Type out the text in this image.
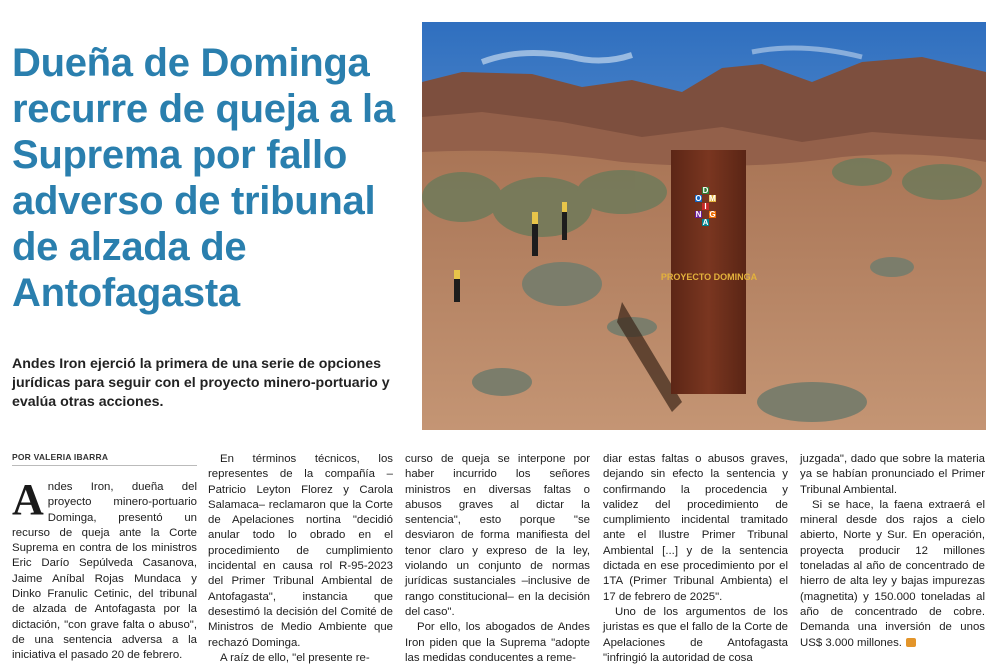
Dueña de Dominga recurre de queja a la Suprema por fallo adverso de tribunal de alzada de Antofagasta

Andes Iron ejerció la primera de una serie de opciones jurídicas para seguir con el proyecto minero-portuario y evalúa otras acciones.

D
O M
I
N G
A
PROYECTO DOMINGA
POR VALERIA IBARRA

Andes Iron, dueña del proyecto minero-portuario Dominga, presentó un recurso de queja ante la Corte Suprema en contra de los ministros Eric Darío Sepúlveda Casanova, Jaime Aníbal Rojas Mundaca y Dinko Franulic Cetinic, del tribunal de alzada de Antofagasta por la dictación, "con grave falta o abuso", de una sentencia adversa a la iniciativa el pasado 20 de febrero.

En términos técnicos, los representes de la compañía –Patricio Leyton Florez y Carola Salamaca– reclamaron que la Corte de Apelaciones nortina "decidió anular todo lo obrado en el procedimiento de cumplimiento incidental en causa rol R-95-2023 del Primer Tribunal Ambiental de Antofagasta", instancia que desestimó la decisión del Comité de Ministros de Medio Ambiente que rechazó Dominga.

A raíz de ello, "el presente re-

curso de queja se interpone por haber incurrido los señores ministros en diversas faltas o abusos graves al dictar la sentencia", esto porque "se desviaron de forma manifiesta del tenor claro y expreso de la ley, violando un conjunto de normas jurídicas sustanciales –inclusive de rango constitucional– en la decisión del caso".

Por ello, los abogados de Andes Iron piden que la Suprema "adopte las medidas conducentes a reme-

diar estas faltas o abusos graves, dejando sin efecto la sentencia y confirmando la procedencia y validez del procedimiento de cumplimiento incidental tramitado ante el Ilustre Primer Tribunal Ambiental [...] y de la sentencia dictada en ese procedimiento por el 1TA (Primer Tribunal Ambienta) el 17 de febrero de 2025".

Uno de los argumentos de los juristas es que el fallo de la Corte de Apelaciones de Antofagasta "infringió la autoridad de cosa

juzgada", dado que sobre la materia ya se habían pronunciado el Primer Tribunal Ambiental.

Si se hace, la faena extraerá el mineral desde dos rajos a cielo abierto, Norte y Sur. En operación, proyecta producir 12 millones toneladas al año de concentrado de hierro de alta ley y bajas impurezas (magnetita) y 150.000 toneladas al año de concentrado de cobre. Demanda una inversión de unos US$ 3.000 millones.
